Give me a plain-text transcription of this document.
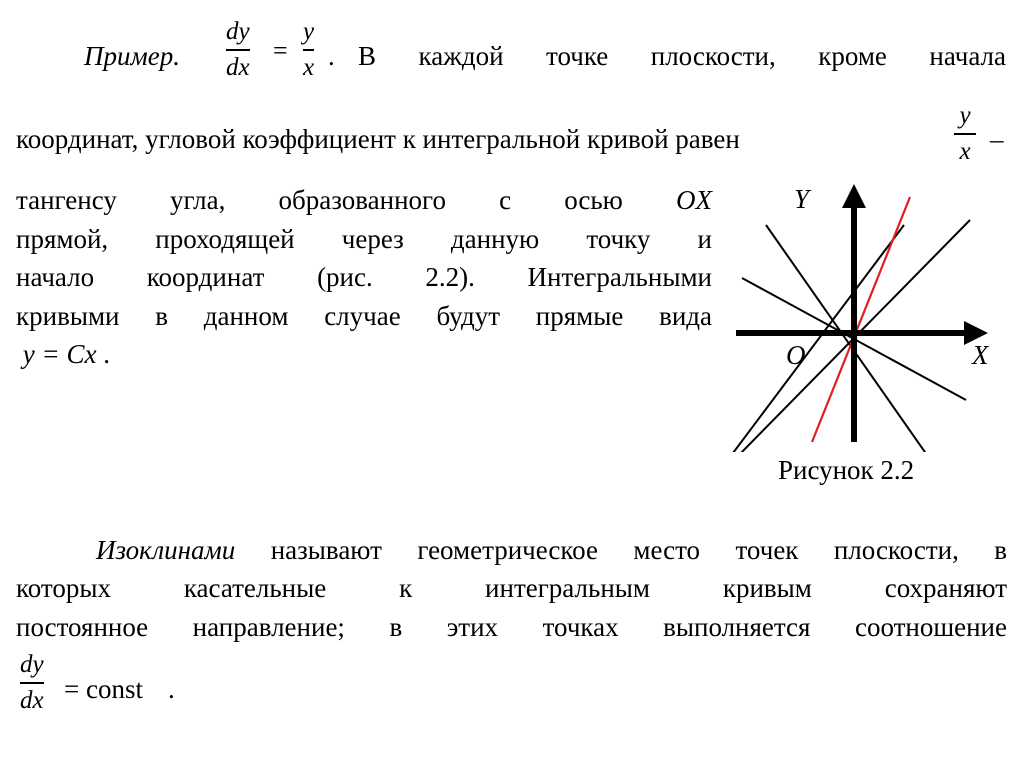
Пример.
dy
dx
=
y
x . В каждой точке плоскости, кроме начала
координат, угловой коэффициент к интегральной кривой равен
y
x –
тангенсу угла, образованного с осью OX
прямой, проходящей через данную точку и
начало координат (рис. 2.2). Интегральными
кривыми в данном случае будут прямые вида
y = Cx .
Y
O	X
Рисунок 2.2
Изоклинами называют геометрическое место точек плоскости, в
которых касательные к интегральным кривым сохраняют
постоянное направление; в этих точках выполняется соотношение
dy
dx = const .
